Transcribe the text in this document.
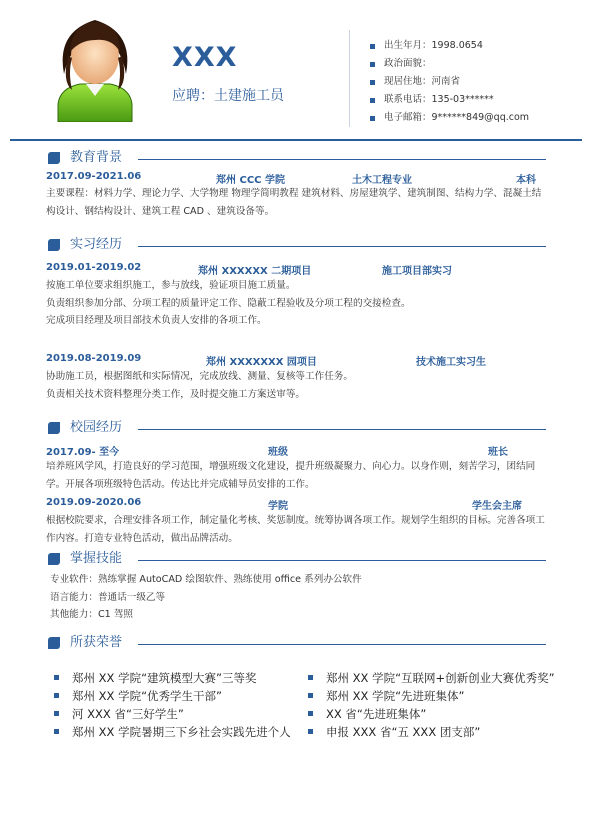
XXX
应聘：土建施工员
出生年月：1998.0654
政治面貌：
现居住地：河南省
联系电话：135-03******
电子邮箱：9******849@qq.com
教育背景
2017.09-2021.06	郑州 CCC 学院	土木工程专业	本科
主要课程：材料力学、理论力学、大学物理 物理学简明教程 建筑材料、房屋建筑学、建筑制图、结构力学、混凝土结构设计、钢结构设计、建筑工程 CAD 、建筑设备等。
实习经历
2019.01-2019.02	郑州 XXXXXX 二期项目	施工项目部实习
按施工单位要求组织施工，参与放线，验证项目施工质量。
负责组织参加分部、分项工程的质量评定工作、隐蔽工程验收及分项工程的交接检查。
完成项目经理及项目部技术负责人安排的各项工作。
2019.08-2019.09	郑州 XXXXXXX 园项目	技术施工实习生
协助施工员，根据图纸和实际情况，完成放线、测量、复核等工作任务。
负责相关技术资料整理分类工作，及时提交施工方案送审等。
校园经历
2017.09- 至今	班级	班长
培养班风学风，打造良好的学习范围，增强班级文化建设，提升班级凝聚力、向心力。以身作则，刻苦学习，团结同学。开展各项班级特色活动。传达比并完成辅导员安排的工作。
2019.09-2020.06	学院	学生会主席
根据校院要求，合理安排各项工作，制定量化考核、奖惩制度。统筹协调各项工作。规划学生组织的目标。完善各项工作内容。打造专业特色活动，做出品牌活动。
掌握技能
专业软件：熟练掌握 AutoCAD 绘图软件、熟练使用 office 系列办公软件
语言能力：普通话一级乙等
其他能力：C1 驾照
所获荣誉
郑州 XX 学院“建筑模型大赛”三等奖
郑州 XX 学院“优秀学生干部”
河 XXX 省“三好学生”
郑州 XX 学院暑期三下乡社会实践先进个人
郑州 XX 学院“互联网+创新创业大赛优秀奖”
郑州 XX 学院“先进班集体”
XX 省“先进班集体”
申报 XXX 省“五 XXX 团支部”
